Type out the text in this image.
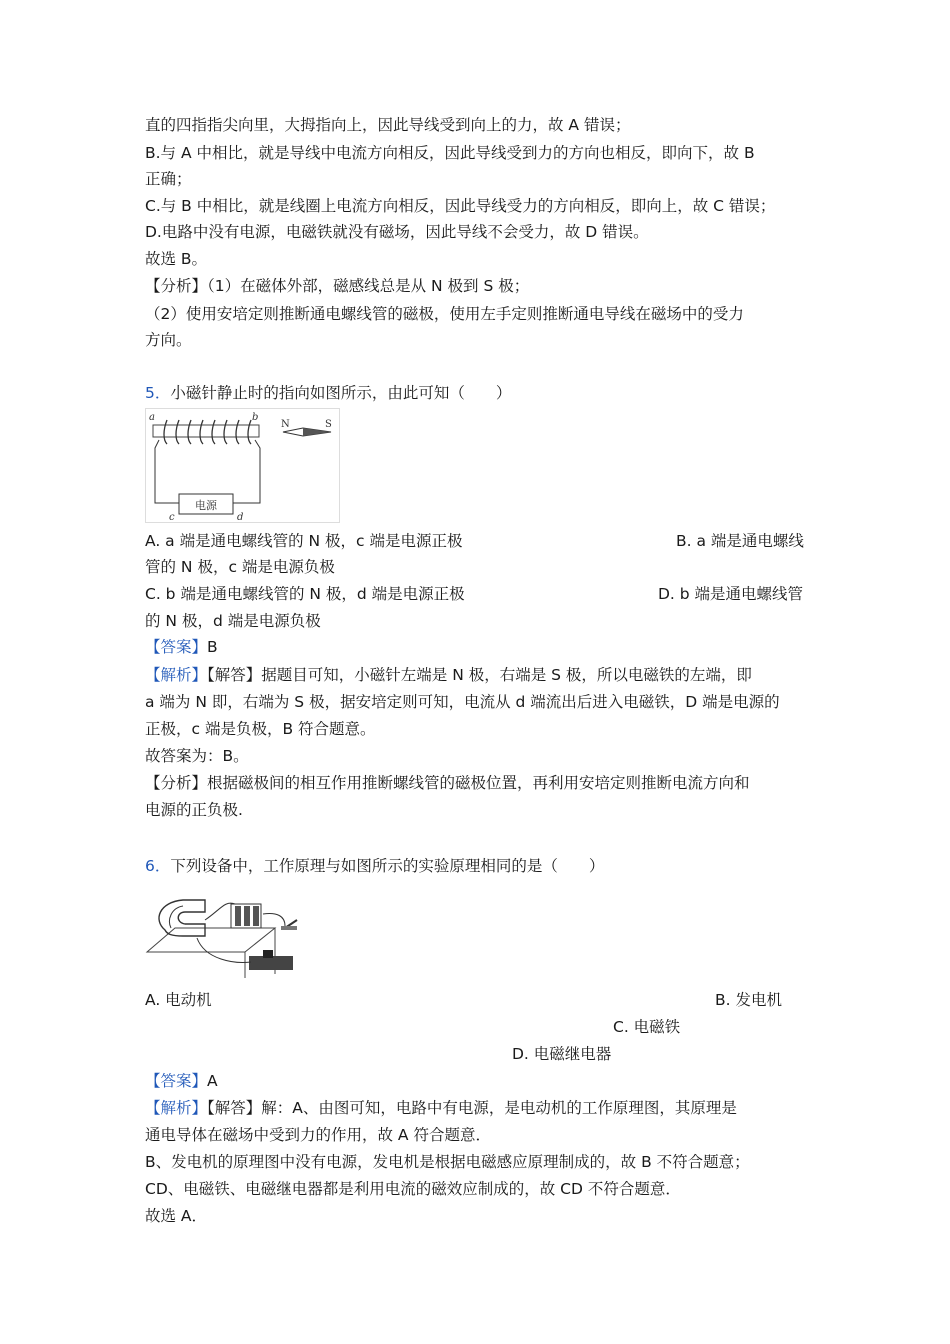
直的四指指尖向里，大拇指向上，因此导线受到向上的力，故 A 错误；
B.与 A 中相比，就是导线中电流方向相反，因此导线受到力的方向也相反，即向下，故 B
正确；
C.与 B 中相比，就是线圈上电流方向相反，因此导线受力的方向相反，即向上，故 C 错误；
D.电路中没有电源，电磁铁就没有磁场，因此导线不会受力，故 D 错误。
故选 B。
【分析】（1）在磁体外部，磁感线总是从 N 极到 S 极；
（2）使用安培定则推断通电螺线管的磁极，使用左手定则推断通电导线在磁场中的受力
方向。
5．小磁针静止时的指向如图所示，由此可知（　　）
电源
a	b
c	d
N	S
A. a 端是通电螺线管的 N 极，c 端是电源正极	B. a 端是通电螺线
管的 N 极，c 端是电源负极
C. b 端是通电螺线管的 N 极，d 端是电源正极	D. b 端是通电螺线管
的 N 极，d 端是电源负极
【答案】B
【解析】【解答】据题目可知，小磁针左端是 N 极，右端是 S 极，所以电磁铁的左端，即
a 端为 N 即，右端为 S 极，据安培定则可知，电流从 d 端流出后进入电磁铁，D 端是电源的
正极，c 端是负极，B 符合题意。
故答案为：B。
【分析】根据磁极间的相互作用推断螺线管的磁极位置，再利用安培定则推断电流方向和
电源的正负极.
6．下列设备中，工作原理与如图所示的实验原理相同的是（　　）
A. 电动机	B. 发电机
C. 电磁铁
D. 电磁继电器
【答案】A
【解析】【解答】解：A、由图可知，电路中有电源，是电动机的工作原理图，其原理是
通电导体在磁场中受到力的作用，故 A 符合题意．
B、发电机的原理图中没有电源，发电机是根据电磁感应原理制成的，故 B 不符合题意；
CD、电磁铁、电磁继电器都是利用电流的磁效应制成的，故 CD 不符合题意．
故选 A．
